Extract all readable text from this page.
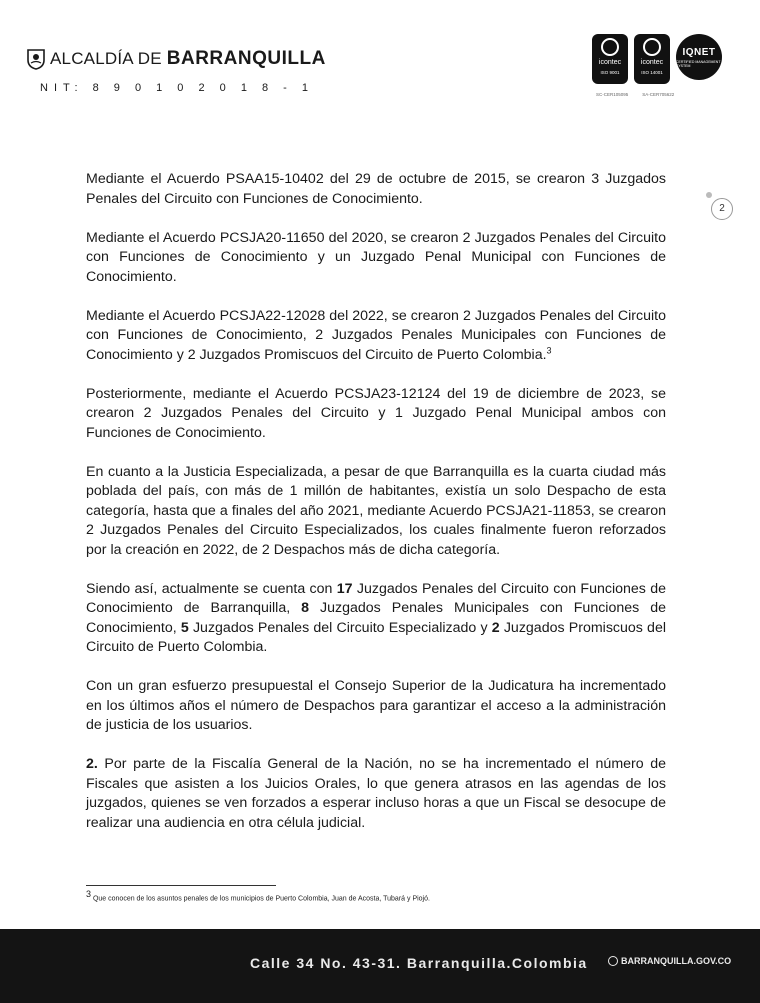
ALCALDÍA DE BARRANQUILLA
NIT: 8 9 0 1 0 2 0 1 8 - 1
icontec
ISO 9001
icontec
ISO 14001
IQNET
CERTIFIED MANAGEMENT SYSTEM
SC-CER105095	SA-CER705622
2

Mediante el Acuerdo PSAA15-10402 del 29 de octubre de 2015, se crearon 3 Juzgados Penales del Circuito con Funciones de Conocimiento.

Mediante el Acuerdo PCSJA20-11650 del 2020, se crearon 2 Juzgados Penales del Circuito con Funciones de Conocimiento y un Juzgado Penal Municipal con Funciones de Conocimiento.

Mediante el Acuerdo PCSJA22-12028 del 2022, se crearon 2 Juzgados Penales del Circuito con Funciones de Conocimiento, 2 Juzgados Penales Municipales con Funciones de Conocimiento y 2 Juzgados Promiscuos del Circuito de Puerto Colombia.$^3$

Posteriormente, mediante el Acuerdo PCSJA23-12124 del 19 de diciembre de 2023, se crearon 2 Juzgados Penales del Circuito y 1 Juzgado Penal Municipal ambos con Funciones de Conocimiento.

En cuanto a la Justicia Especializada, a pesar de que Barranquilla es la cuarta ciudad más poblada del país, con más de 1 millón de habitantes, existía un solo Despacho de esta categoría, hasta que a finales del año 2021, mediante Acuerdo PCSJA21-11853, se crearon 2 Juzgados Penales del Circuito Especializados, los cuales finalmente fueron reforzados por la creación en 2022, de 2 Despachos más de dicha categoría.

Siendo así, actualmente se cuenta con 17 Juzgados Penales del Circuito con Funciones de Conocimiento de Barranquilla, 8 Juzgados Penales Municipales con Funciones de Conocimiento, 5 Juzgados Penales del Circuito Especializado y 2 Juzgados Promiscuos del Circuito de Puerto Colombia.

Con un gran esfuerzo presupuestal el Consejo Superior de la Judicatura ha incrementado en los últimos años el número de Despachos para garantizar el acceso a la administración de justicia de los usuarios.

2. Por parte de la Fiscalía General de la Nación, no se ha incrementado el número de Fiscales que asisten a los Juicios Orales, lo que genera atrasos en las agendas de los juzgados, quienes se ven forzados a esperar incluso horas a que un Fiscal se desocupe de realizar una audiencia en otra célula judicial.

$^3$ Que conocen de los asuntos penales de los municipios de Puerto Colombia, Juan de Acosta, Tubará y Piojó.
Calle 34 No. 43-31. Barranquilla.Colombia	BARRANQUILLA.GOV.CO
